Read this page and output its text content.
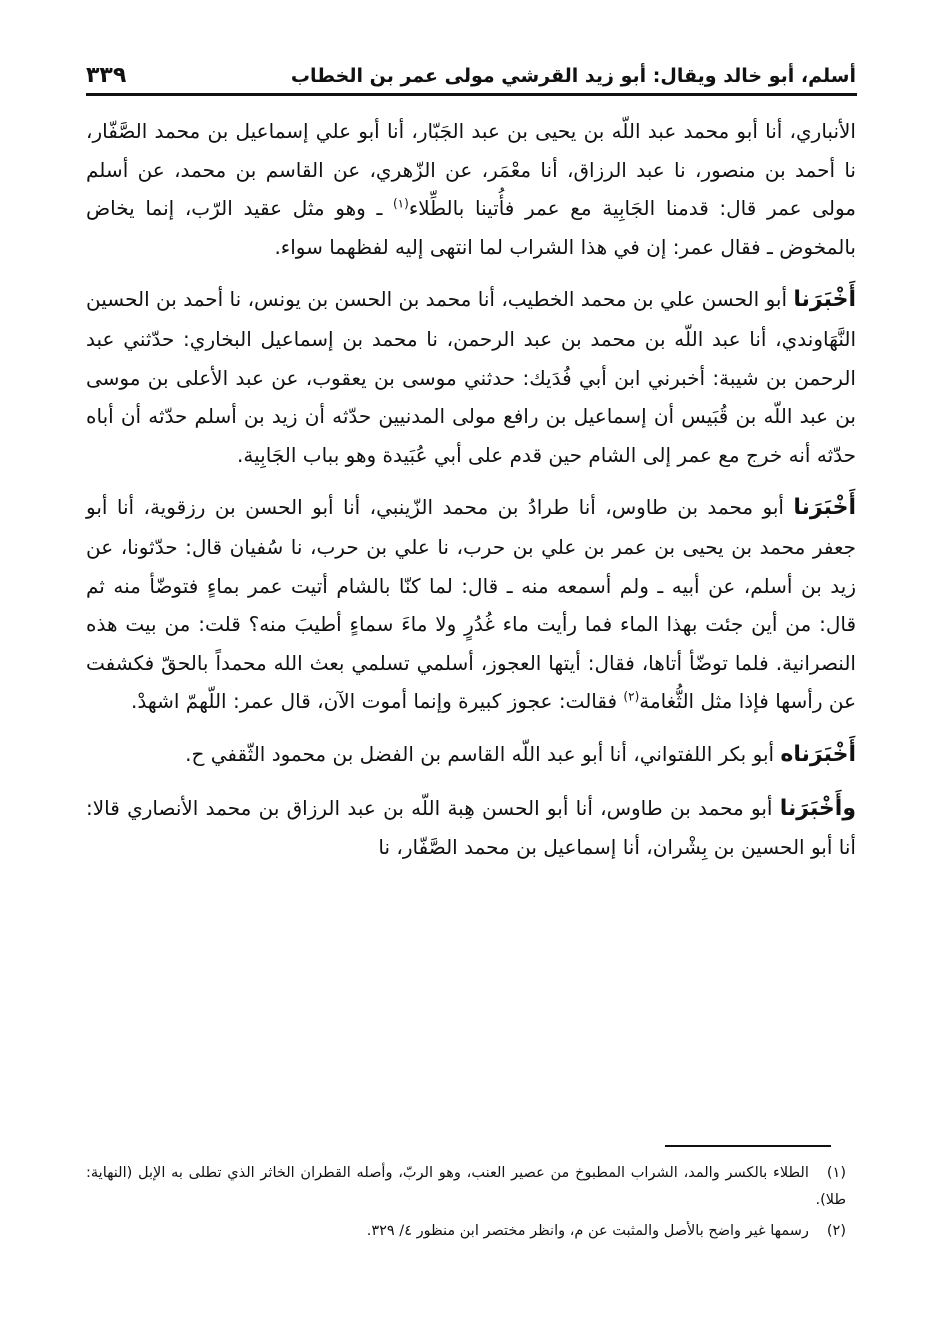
أسلم، أبو خالد ويقال: أبو زيد القرشي مولى عمر بن الخطاب
٣٣٩

الأنباري، أنا أبو محمد عبد اللّه بن يحيى بن عبد الجَبّار، أنا أبو علي إسماعيل بن محمد الصَّفّار، نا أحمد بن منصور، نا عبد الرزاق، أنا معْمَر، عن الزّهري، عن القاسم بن محمد، عن أسلم مولى عمر قال: قدمنا الجَابِية مع عمر فأُتينا بالطِّلاء$^{(١)}$ ـ وهو مثل عقيد الرّب، إنما يخاض بالمخوض ـ فقال عمر: إن في هذا الشراب لما انتهى إليه لفظهما سواء.

أَخْبَرَنا أبو الحسن علي بن محمد الخطيب، أنا محمد بن الحسن بن يونس، نا أحمد بن الحسين النَّهَاوندي، أنا عبد اللّه بن محمد بن عبد الرحمن، نا محمد بن إسماعيل البخاري: حدّثني عبد الرحمن بن شيبة: أخبرني ابن أبي فُدَيك: حدثني موسى بن يعقوب، عن عبد الأعلى بن موسى بن عبد اللّه بن قُبَيس أن إسماعيل بن رافع مولى المدنيين حدّثه أن زيد بن أسلم حدّثه أن أباه حدّثه أنه خرج مع عمر إلى الشام حين قدم على أبي عُبَيدة وهو بباب الجَابِية.

أَخْبَرَنا أبو محمد بن طاوس، أنا طرادُ بن محمد الزّينبي، أنا أبو الحسن بن رزقوية، أنا أبو جعفر محمد بن يحيى بن عمر بن علي بن حرب، نا علي بن حرب، نا سُفيان قال: حدّثونا، عن زيد بن أسلم، عن أبيه ـ ولم أسمعه منه ـ قال: لما كنّا بالشام أتيت عمر بماءٍ فتوضّأ منه ثم قال: من أين جئت بهذا الماء فما رأيت ماء غُدُرٍ ولا ماءَ سماءٍ أطيبَ منه؟ قلت: من بيت هذه النصرانية. فلما توضّأ أتاها، فقال: أيتها العجوز، أسلمي تسلمي بعث الله محمداً بالحقّ فكشفت عن رأسها فإذا مثل الثُّغامة$^{(٢)}$ فقالت: عجوز كبيرة وإنما أموت الآن، قال عمر: اللّهمّ اشهدْ.

أَخْبَرَناه أبو بكر اللفتواني، أنا أبو عبد اللّه القاسم بن الفضل بن محمود الثّقفي ح.

وأَخْبَرَنا أبو محمد بن طاوس، أنا أبو الحسن هِبة اللّه بن عبد الرزاق بن محمد الأنصاري قالا: أنا أبو الحسين بن بِشْران، أنا إسماعيل بن محمد الصَّفّار، نا

(١)الطلاء بالكسر والمد، الشراب المطبوخ من عصير العنب، وهو الربّ، وأصله القطران الخاثر الذي تطلى به الإبل (النهاية: طلا).

(٢)رسمها غير واضح بالأصل والمثبت عن م، وانظر مختصر ابن منظور ٤/ ٣٢٩.
